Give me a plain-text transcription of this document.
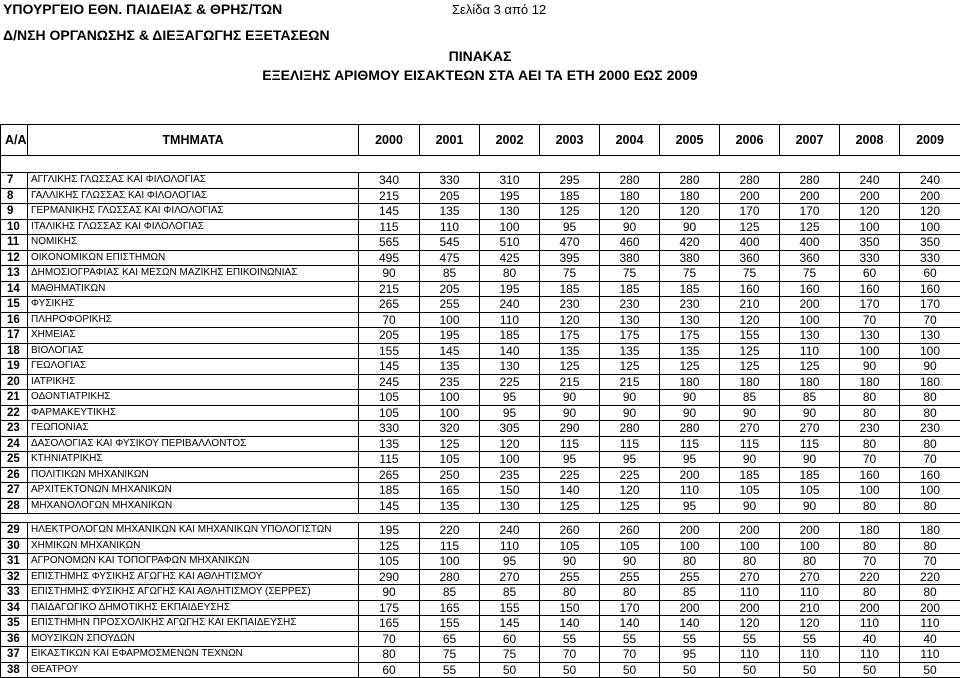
ΥΠΟΥΡΓΕΙΟ ΕΘΝ. ΠΑΙΔΕΙΑΣ & ΘΡΗΣ/ΤΩΝ	Σελίδα 3 από 12
Δ/ΝΣΗ ΟΡΓΑΝΩΣΗΣ & ΔΙΕΞΑΓΩΓΗΣ ΕΞΕΤΑΣΕΩΝ
ΠΙΝΑΚΑΣ
ΕΞΕΛΙΞΗΣ ΑΡΙΘΜΟΥ ΕΙΣΑΚΤΕΩΝ ΣΤΑ ΑΕΙ ΤΑ ΕΤΗ 2000 ΕΩΣ 2009
Α/Α	ΤΜΗΜΑΤΑ	2000	2001	2002	2003	2004	2005	2006	2007	2008	2009

7	ΑΓΓΛΙΚΗΣ ΓΛΩΣΣΑΣ ΚΑΙ ΦΙΛΟΛΟΓΙΑΣ	340	330	310	295	280	280	280	280	240	240
8	ΓΑΛΛΙΚΗΣ ΓΛΩΣΣΑΣ ΚΑΙ ΦΙΛΟΛΟΓΙΑΣ	215	205	195	185	180	180	200	200	200	200
9	ΓΕΡΜΑΝΙΚΗΣ ΓΛΩΣΣΑΣ ΚΑΙ ΦΙΛΟΛΟΓΙΑΣ	145	135	130	125	120	120	170	170	120	120
10	ΙΤΑΛΙΚΗΣ ΓΛΩΣΣΑΣ ΚΑΙ ΦΙΛΟΛΟΓΙΑΣ	115	110	100	95	90	90	125	125	100	100
11	ΝΟΜΙΚΗΣ	565	545	510	470	460	420	400	400	350	350
12	ΟΙΚΟΝΟΜΙΚΩΝ ΕΠΙΣΤΗΜΩΝ	495	475	425	395	380	380	360	360	330	330
13	ΔΗΜΟΣΙΟΓΡΑΦΙΑΣ ΚΑΙ ΜΕΣΩΝ ΜΑΖΙΚΗΣ ΕΠΙΚΟΙΝΩΝΙΑΣ	90	85	80	75	75	75	75	75	60	60
14	ΜΑΘΗΜΑΤΙΚΩΝ	215	205	195	185	185	185	160	160	160	160
15	ΦΥΣΙΚΗΣ	265	255	240	230	230	230	210	200	170	170
16	ΠΛΗΡΟΦΟΡΙΚΗΣ	70	100	110	120	130	130	120	100	70	70
17	ΧΗΜΕΙΑΣ	205	195	185	175	175	175	155	130	130	130
18	ΒΙΟΛΟΓΙΑΣ	155	145	140	135	135	135	125	110	100	100
19	ΓΕΩΛΟΓΙΑΣ	145	135	130	125	125	125	125	125	90	90
20	ΙΑΤΡΙΚΗΣ	245	235	225	215	215	180	180	180	180	180
21	ΟΔΟΝΤΙΑΤΡΙΚΗΣ	105	100	95	90	90	90	85	85	80	80
22	ΦΑΡΜΑΚΕΥΤΙΚΗΣ	105	100	95	90	90	90	90	90	80	80
23	ΓΕΩΠΟΝΙΑΣ	330	320	305	290	280	280	270	270	230	230
24	ΔΑΣΟΛΟΓΙΑΣ ΚΑΙ ΦΥΣΙΚΟΥ ΠΕΡΙΒΑΛΛΟΝΤΟΣ	135	125	120	115	115	115	115	115	80	80
25	ΚΤΗΝΙΑΤΡΙΚΗΣ	115	105	100	95	95	95	90	90	70	70
26	ΠΟΛΙΤΙΚΩΝ ΜΗΧΑΝΙΚΩΝ	265	250	235	225	225	200	185	185	160	160
27	ΑΡΧΙΤΕΚΤΟΝΩΝ ΜΗΧΑΝΙΚΩΝ	185	165	150	140	120	110	105	105	100	100
28	ΜΗΧΑΝΟΛΟΓΩΝ ΜΗΧΑΝΙΚΩΝ	145	135	130	125	125	95	90	90	80	80

29	ΗΛΕΚΤΡΟΛΟΓΩΝ ΜΗΧΑΝΙΚΩΝ ΚΑΙ ΜΗΧΑΝΙΚΩΝ ΥΠΟΛΟΓΙΣΤΩΝ	195	220	240	260	260	200	200	200	180	180
30	ΧΗΜΙΚΩΝ ΜΗΧΑΝΙΚΩΝ	125	115	110	105	105	100	100	100	80	80
31	ΑΓΡΟΝΟΜΩΝ ΚΑΙ ΤΟΠΟΓΡΑΦΩΝ ΜΗΧΑΝΙΚΩΝ	105	100	95	90	90	80	80	80	70	70
32	ΕΠΙΣΤΗΜΗΣ ΦΥΣΙΚΗΣ ΑΓΩΓΗΣ ΚΑΙ ΑΘΛΗΤΙΣΜΟΥ	290	280	270	255	255	255	270	270	220	220
33	ΕΠΙΣΤΗΜΗΣ ΦΥΣΙΚΗΣ ΑΓΩΓΗΣ ΚΑΙ ΑΘΛΗΤΙΣΜΟΥ (ΣΕΡΡΕΣ)	90	85	85	80	80	85	110	110	80	80
34	ΠΑΙΔΑΓΩΓΙΚΟ ΔΗΜΟΤΙΚΗΣ ΕΚΠΑΙΔΕΥΣΗΣ	175	165	155	150	170	200	200	210	200	200
35	ΕΠΙΣΤΗΜΗΝ ΠΡΟΣΧΟΛΙΚΗΣ ΑΓΩΓΗΣ ΚΑΙ ΕΚΠΑΙΔΕΥΣΗΣ	165	155	145	140	140	140	120	120	110	110
36	ΜΟΥΣΙΚΩΝ ΣΠΟΥΔΩΝ	70	65	60	55	55	55	55	55	40	40
37	ΕΙΚΑΣΤΙΚΩΝ ΚΑΙ ΕΦΑΡΜΟΣΜΕΝΩΝ ΤΕΧΝΩΝ	80	75	75	70	70	95	110	110	110	110
38	ΘΕΑΤΡΟΥ	60	55	50	50	50	50	50	50	50	50
